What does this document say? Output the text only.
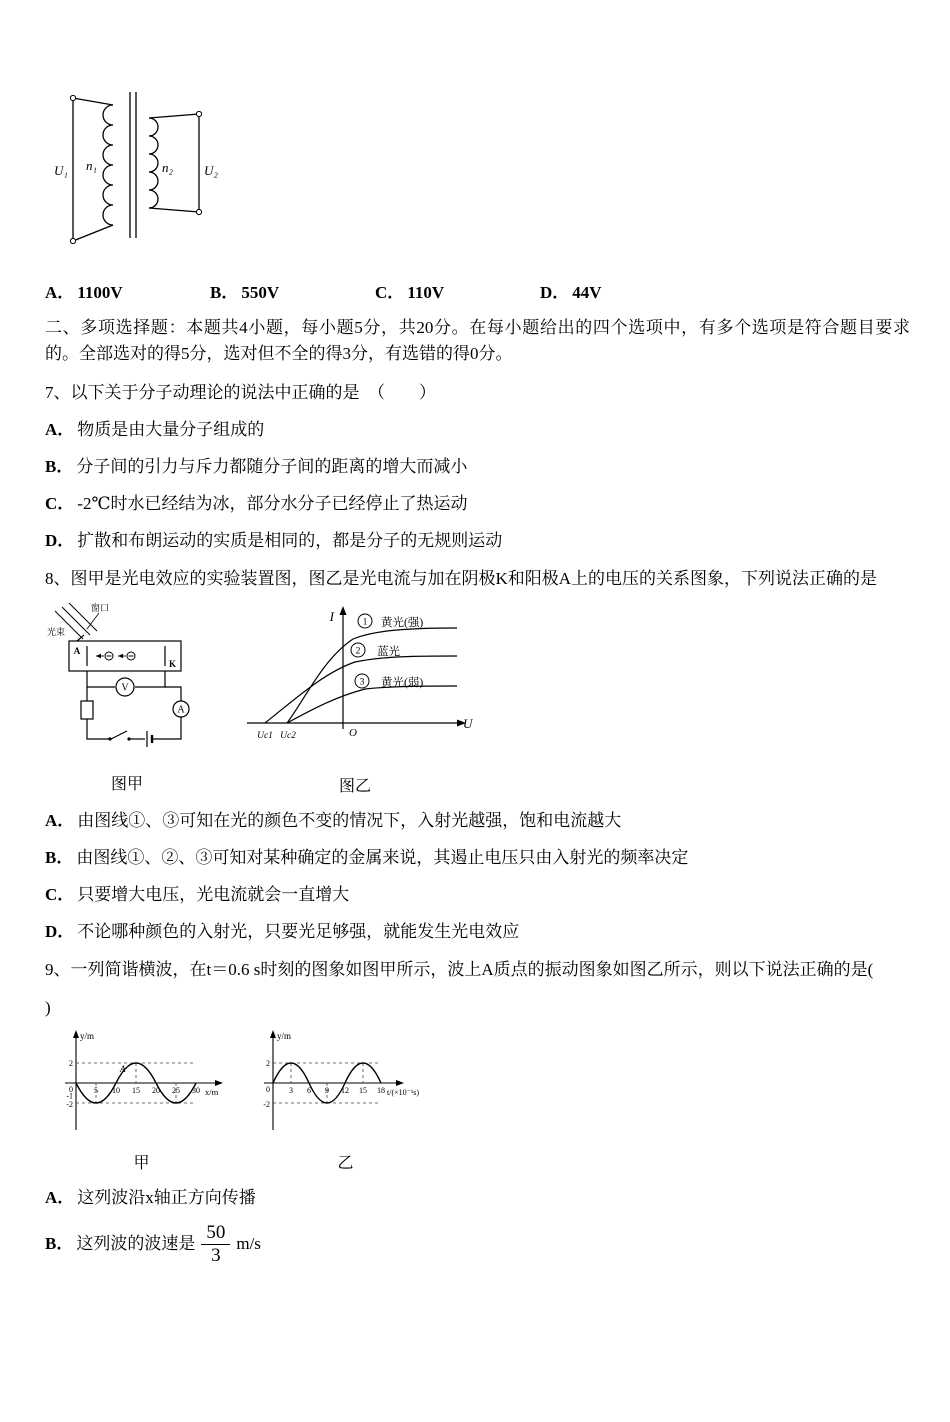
U₁ n₁	n₂ U₂
A． 1100V	B． 550V	C． 110V	D． 44V

二、多项选择题：本题共4小题，每小题5分，共20分。在每小题给出的四个选项中，有多个选项是符合题目要求的。全部选对的得5分，选对但不全的得3分，有选错的得0分。

7、以下关于分子动理论的说法中正确的是　（　　）

A． 物质是由大量分子组成的
B． 分子间的引力与斥力都随分子间的距离的增大而减小
C． -2℃时水已经结为冰，部分水分子已经停止了热运动
D． 扩散和布朗运动的实质是相同的，都是分子的无规则运动

8、图甲是光电效应的实验装置图，图乙是光电流与加在阴极K和阳极A上的电压的关系图象，下列说法正确的是

窗口
光束
A
K
V
A
图甲
1
2
3
黄光(强)
蓝光
黄光(弱)
I
U
O
Uc1 Uc2
图乙
A． 由图线①、③可知在光的颜色不变的情况下，入射光越强，饱和电流越大
B． 由图线①、②、③可知对某种确定的金属来说，其遏止电压只由入射光的频率决定
C． 只要增大电压，光电流就会一直增大
D． 不论哪种颜色的入射光，只要光足够强，就能发生光电效应

9、一列简谐横波，在t＝0.6 s时刻的图象如图甲所示，波上A质点的振动图象如图乙所示，则以下说法正确的是(

)

5 10 15 20 25 30
2
0
-1
-2
y/m
x/m
A
甲
3 6 9 12 15 18
2
0
-2
y/m
t/(×10⁻¹s)
乙
A． 这列波沿x轴正方向传播
B． 这列波的波速是 $\frac{50}{3} m/s$
